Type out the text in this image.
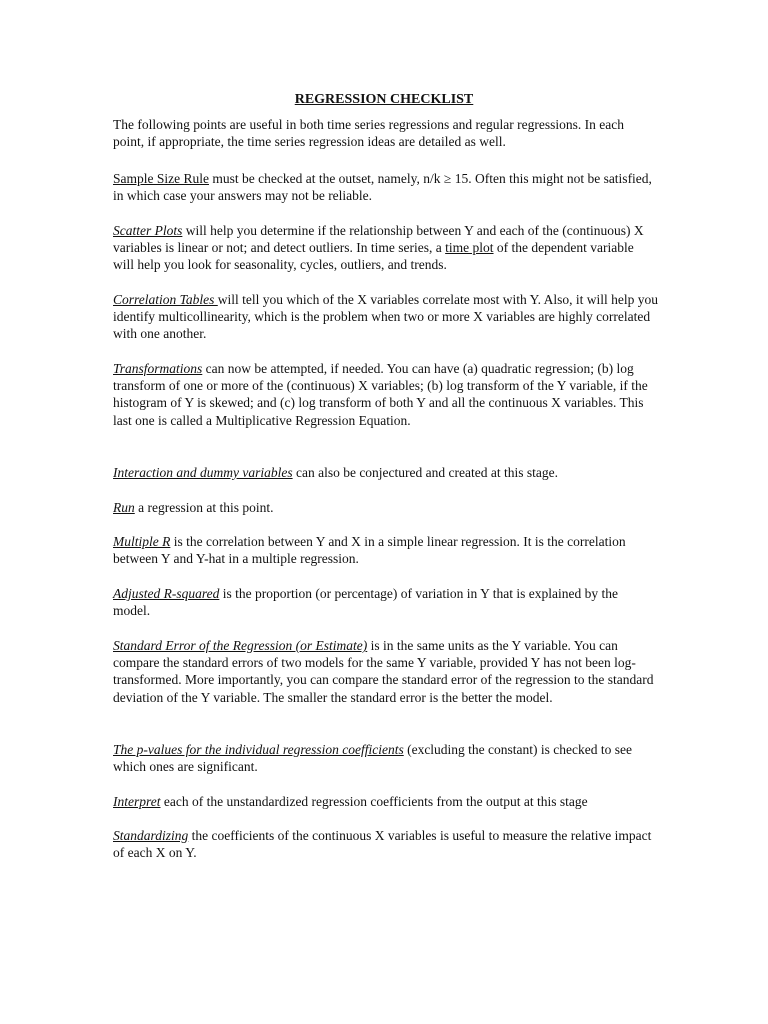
REGRESSION CHECKLIST

The following points are useful in both time series regressions and regular regressions. In each point, if appropriate, the time series regression ideas are detailed as well.

Sample Size Rule must be checked at the outset, namely, n/k ≥ 15. Often this might not be satisfied, in which case your answers may not be reliable.

Scatter Plots will help you determine if the relationship between Y and each of the (continuous) X variables is linear or not; and detect outliers. In time series, a time plot of the dependent variable will help you look for seasonality, cycles, outliers, and trends.

Correlation Tables will tell you which of the X variables correlate most with Y. Also, it will help you identify multicollinearity, which is the problem when two or more X variables are highly correlated with one another.

Transformations can now be attempted, if needed. You can have (a) quadratic regression; (b) log transform of one or more of the (continuous) X variables; (b) log transform of the Y variable, if the histogram of Y is skewed; and (c) log transform of both Y and all the continuous X variables. This last one is called a Multiplicative Regression Equation.

Interaction and dummy variables can also be conjectured and created at this stage.

Run a regression at this point.

Multiple R is the correlation between Y and X in a simple linear regression. It is the correlation between Y and Y-hat in a multiple regression.

Adjusted R-squared is the proportion (or percentage) of variation in Y that is explained by the model.

Standard Error of the Regression (or Estimate) is in the same units as the Y variable. You can compare the standard errors of two models for the same Y variable, provided Y has not been log-transformed. More importantly, you can compare the standard error of the regression to the standard deviation of the Y variable. The smaller the standard error is the better the model.

The p-values for the individual regression coefficients (excluding the constant) is checked to see which ones are significant.

Interpret each of the unstandardized regression coefficients from the output at this stage

Standardizing the coefficients of the continuous X variables is useful to measure the relative impact of each X on Y.
